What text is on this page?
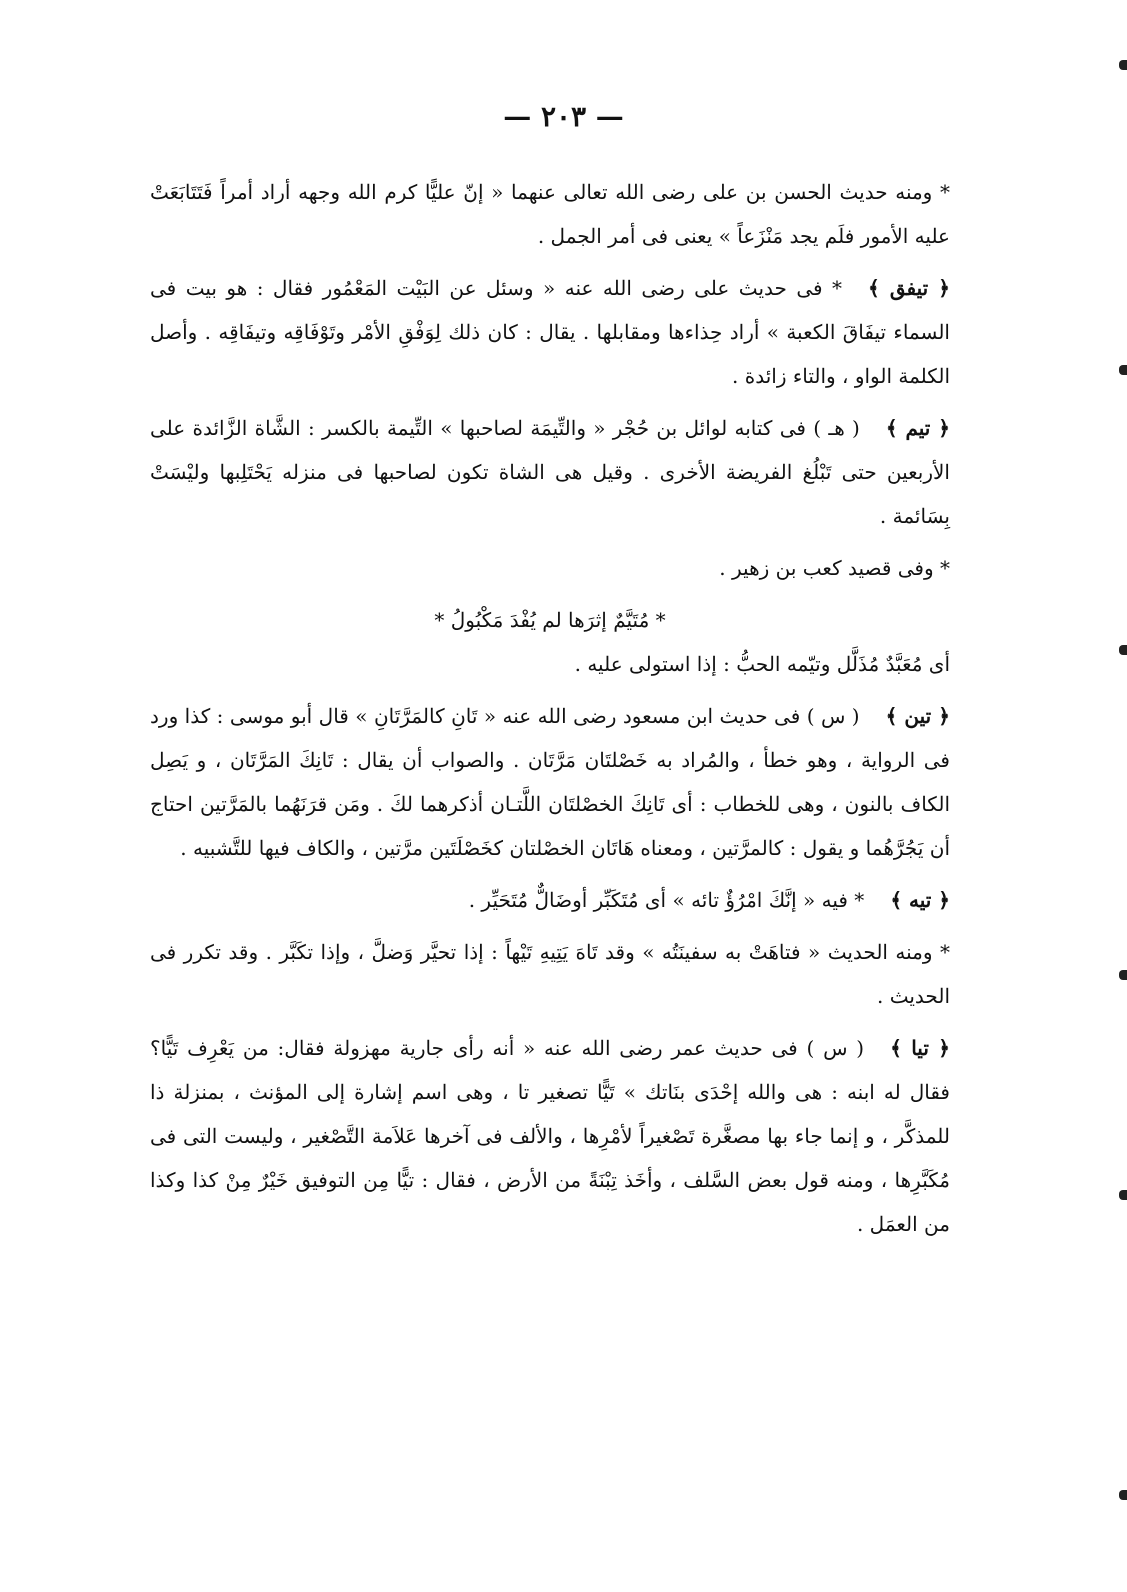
— ٢٠٣ —

* ومنه حديث الحسن بن على رضى الله تعالى عنهما « إنّ عليًّا كرم الله وجهه أراد أمراً فَتَتَابَعَتْ عليه الأمور فلَم يجد مَنْزَعاً » يعنى فى أمر الجمل .

﴿ تيفق ﴾* فى حديث على رضى الله عنه « وسئل عن البَيْت المَعْمُور فقال : هو بيت فى السماء تيفَاقَ الكعبة » أراد حِذاءها ومقابلها . يقال : كان ذلك لِوَفْقِ الأمْر وتَوْفَاقِه وتيفَاقِه . وأصل الكلمة الواو ، والتاء زائدة .

﴿ تيم ﴾( هـ ) فى كتابه لوائل بن حُجْر « والتِّيمَة لصاحبها » التِّيمة بالكسر : الشَّاة الزَّائدة على الأربعين حتى تَبْلُغ الفريضة الأخرى . وقيل هى الشاة تكون لصاحبها فى منزله يَحْتَلِبها وليْسَتْ بِسَائمة .

* وفى قصيد كعب بن زهير .

* مُتَيَّمٌ إثرَها لم يُفْدَ مَكْبُولُ *

أى مُعَبَّدٌ مُذَلَّل وتيّمه الحبُّ : إذا استولى عليه .

﴿ تين ﴾( س ) فى حديث ابن مسعود رضى الله عنه « تَانِ كالمَرَّتَانِ » قال أبو موسى : كذا ورد فى الرواية ، وهو خطأ ، والمُراد به خَصْلتَان مَرَّتَان . والصواب أن يقال : تَانِكَ المَرَّتَان ، و يَصِل الكاف بالنون ، وهى للخطاب : أى تَانِكَ الخصْلتَان اللَّتـان أذكرهما لكَ . ومَن قرَنَهُما بالمَرَّتين احتاج أن يَجُرَّهُما و يقول : كالمرَّتين ، ومعناه هَاتَان الخصْلتان كخَصْلَتَين مرَّتين ، والكاف فيها للتَّشبيه .

﴿ تيه ﴾* فيه « إنَّكَ امْرُؤٌ تائه » أى مُتَكَبِّر أوضَالٌّ مُتَحَيِّر .

* ومنه الحديث « فتاهَتْ به سفينَتُه » وقد تَاهَ يَتِيهِ تَيْهاً : إذا تحيَّر وَضلَّ ، وإذا تكَبَّر . وقد تكرر فى الحديث .

﴿ تيا ﴾( س ) فى حديث عمر رضى الله عنه « أنه رأى جارية مهزولة فقال: من يَعْرِف تَيًّا؟ فقال له ابنه : هى والله إحْدَى بنَاتك » تَيًّا تصغير تا ، وهى اسم إشارة إلى المؤنث ، بمنزلة ذا للمذكَّر ، و إنما جاء بها مصغَّرة تَصْغيراً لأمْرِها ، والألف فى آخرها عَلاَمة التَّصْغير ، وليست التى فى مُكَبَّرِها ، ومنه قول بعض السَّلف ، وأخَذ تِبْنَةً من الأرض ، فقال : تيًّا مِن التوفيق خَيْرٌ مِنْ كذا وكذا من العمَل .
